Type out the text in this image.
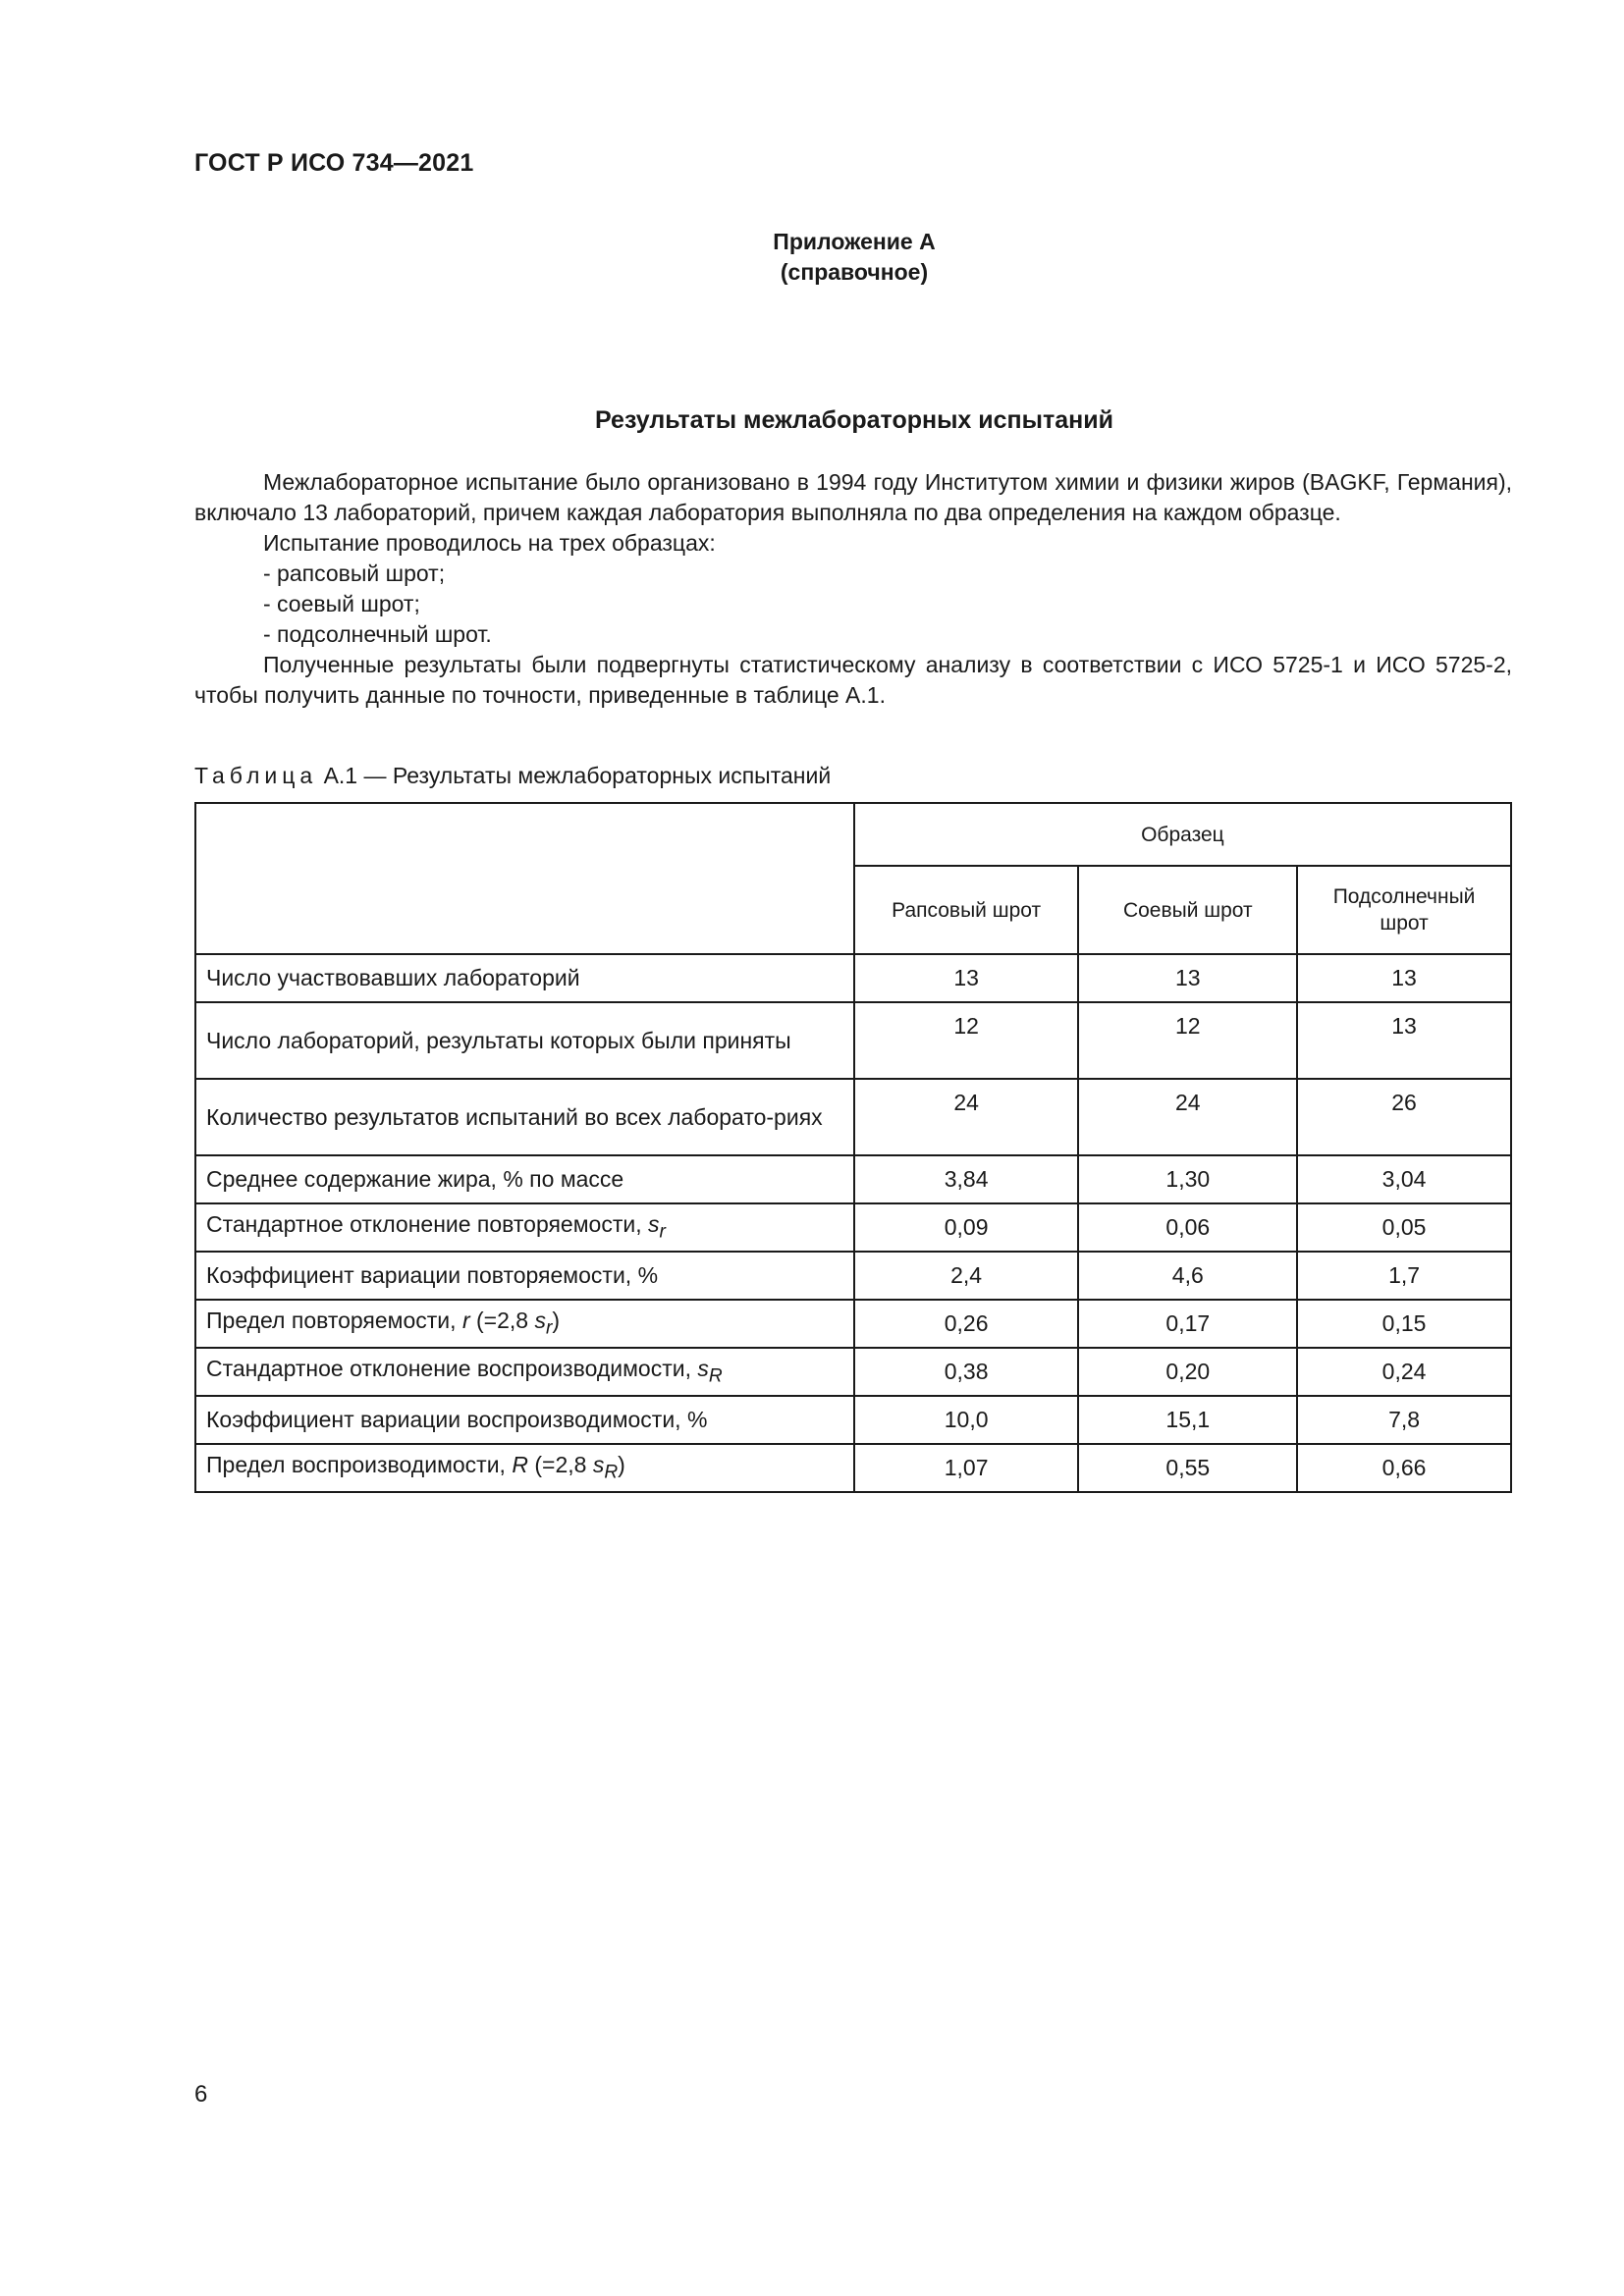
ГОСТ Р ИСО 734—2021
Приложение А
(справочное)
Результаты межлабораторных испытаний

Межлабораторное испытание было организовано в 1994 году Институтом химии и физики жиров (BAGKF, Германия), включало 13 лабораторий, причем каждая лаборатория выполняла по два определения на каждом образце.

Испытание проводилось на трех образцах:

- рапсовый шрот;

- соевый шрот;

- подсолнечный шрот.

Полученные результаты были подвергнуты статистическому анализу в соответствии с ИСО 5725-1 и ИСО 5725-2, чтобы получить данные по точности, приведенные в таблице А.1.

Таблица А.1 — Результаты межлабораторных испытаний
	Образец		
	Рапсовый шрот	Соевый шрот	Подсолнечный шрот
Число участвовавших лабораторий	13	13	13
Число лабораторий, результаты которых были приняты	12	12	13
Количество результатов испытаний во всех лаборато-риях	24	24	26
Среднее содержание жира, % по массе	3,84	1,30	3,04
Стандартное отклонение повторяемости, $s_r$	0,09	0,06	0,05
Коэффициент вариации повторяемости, %	2,4	4,6	1,7
Предел повторяемости, r (=2,8 $s_r$)	0,26	0,17	0,15
Стандартное отклонение воспроизводимости, $s_R$	0,38	0,20	0,24
Коэффициент вариации воспроизводимости, %	10,0	15,1	7,8
Предел воспроизводимости, R (=2,8 $s_R$)	1,07	0,55	0,66
6
